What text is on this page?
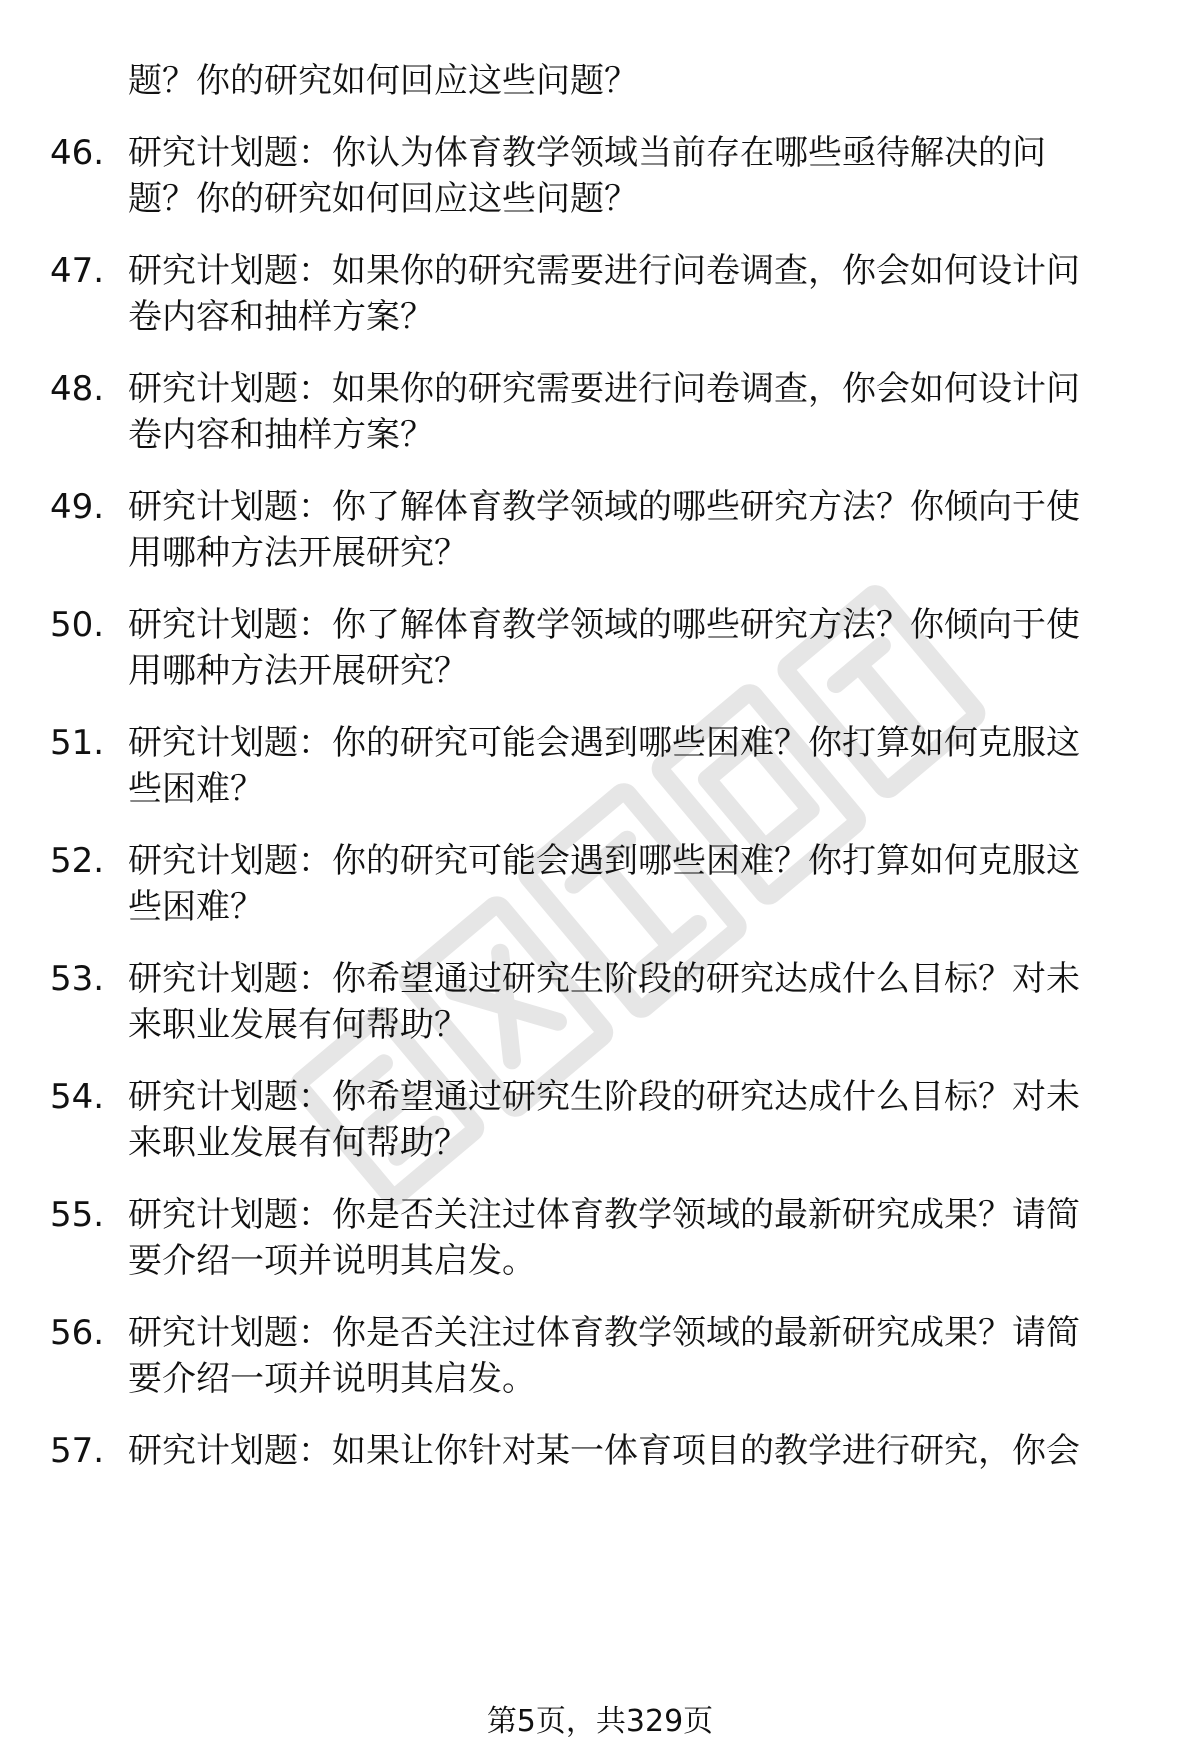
题？你的研究如何回应这些问题？
46. 研究计划题：你认为体育教学领域当前存在哪些亟待解决的问
题？你的研究如何回应这些问题？
47. 研究计划题：如果你的研究需要进行问卷调查，你会如何设计问
卷内容和抽样方案？
48. 研究计划题：如果你的研究需要进行问卷调查，你会如何设计问
卷内容和抽样方案？
49. 研究计划题：你了解体育教学领域的哪些研究方法？你倾向于使
用哪种方法开展研究？
50. 研究计划题：你了解体育教学领域的哪些研究方法？你倾向于使
用哪种方法开展研究？
51. 研究计划题：你的研究可能会遇到哪些困难？你打算如何克服这
些困难？
52. 研究计划题：你的研究可能会遇到哪些困难？你打算如何克服这
些困难？
53. 研究计划题：你希望通过研究生阶段的研究达成什么目标？对未
来职业发展有何帮助？
54. 研究计划题：你希望通过研究生阶段的研究达成什么目标？对未
来职业发展有何帮助？
55. 研究计划题：你是否关注过体育教学领域的最新研究成果？请简
要介绍一项并说明其启发。
56. 研究计划题：你是否关注过体育教学领域的最新研究成果？请简
要介绍一项并说明其启发。
57. 研究计划题：如果让你针对某一体育项目的教学进行研究，你会
第5页，共329页
